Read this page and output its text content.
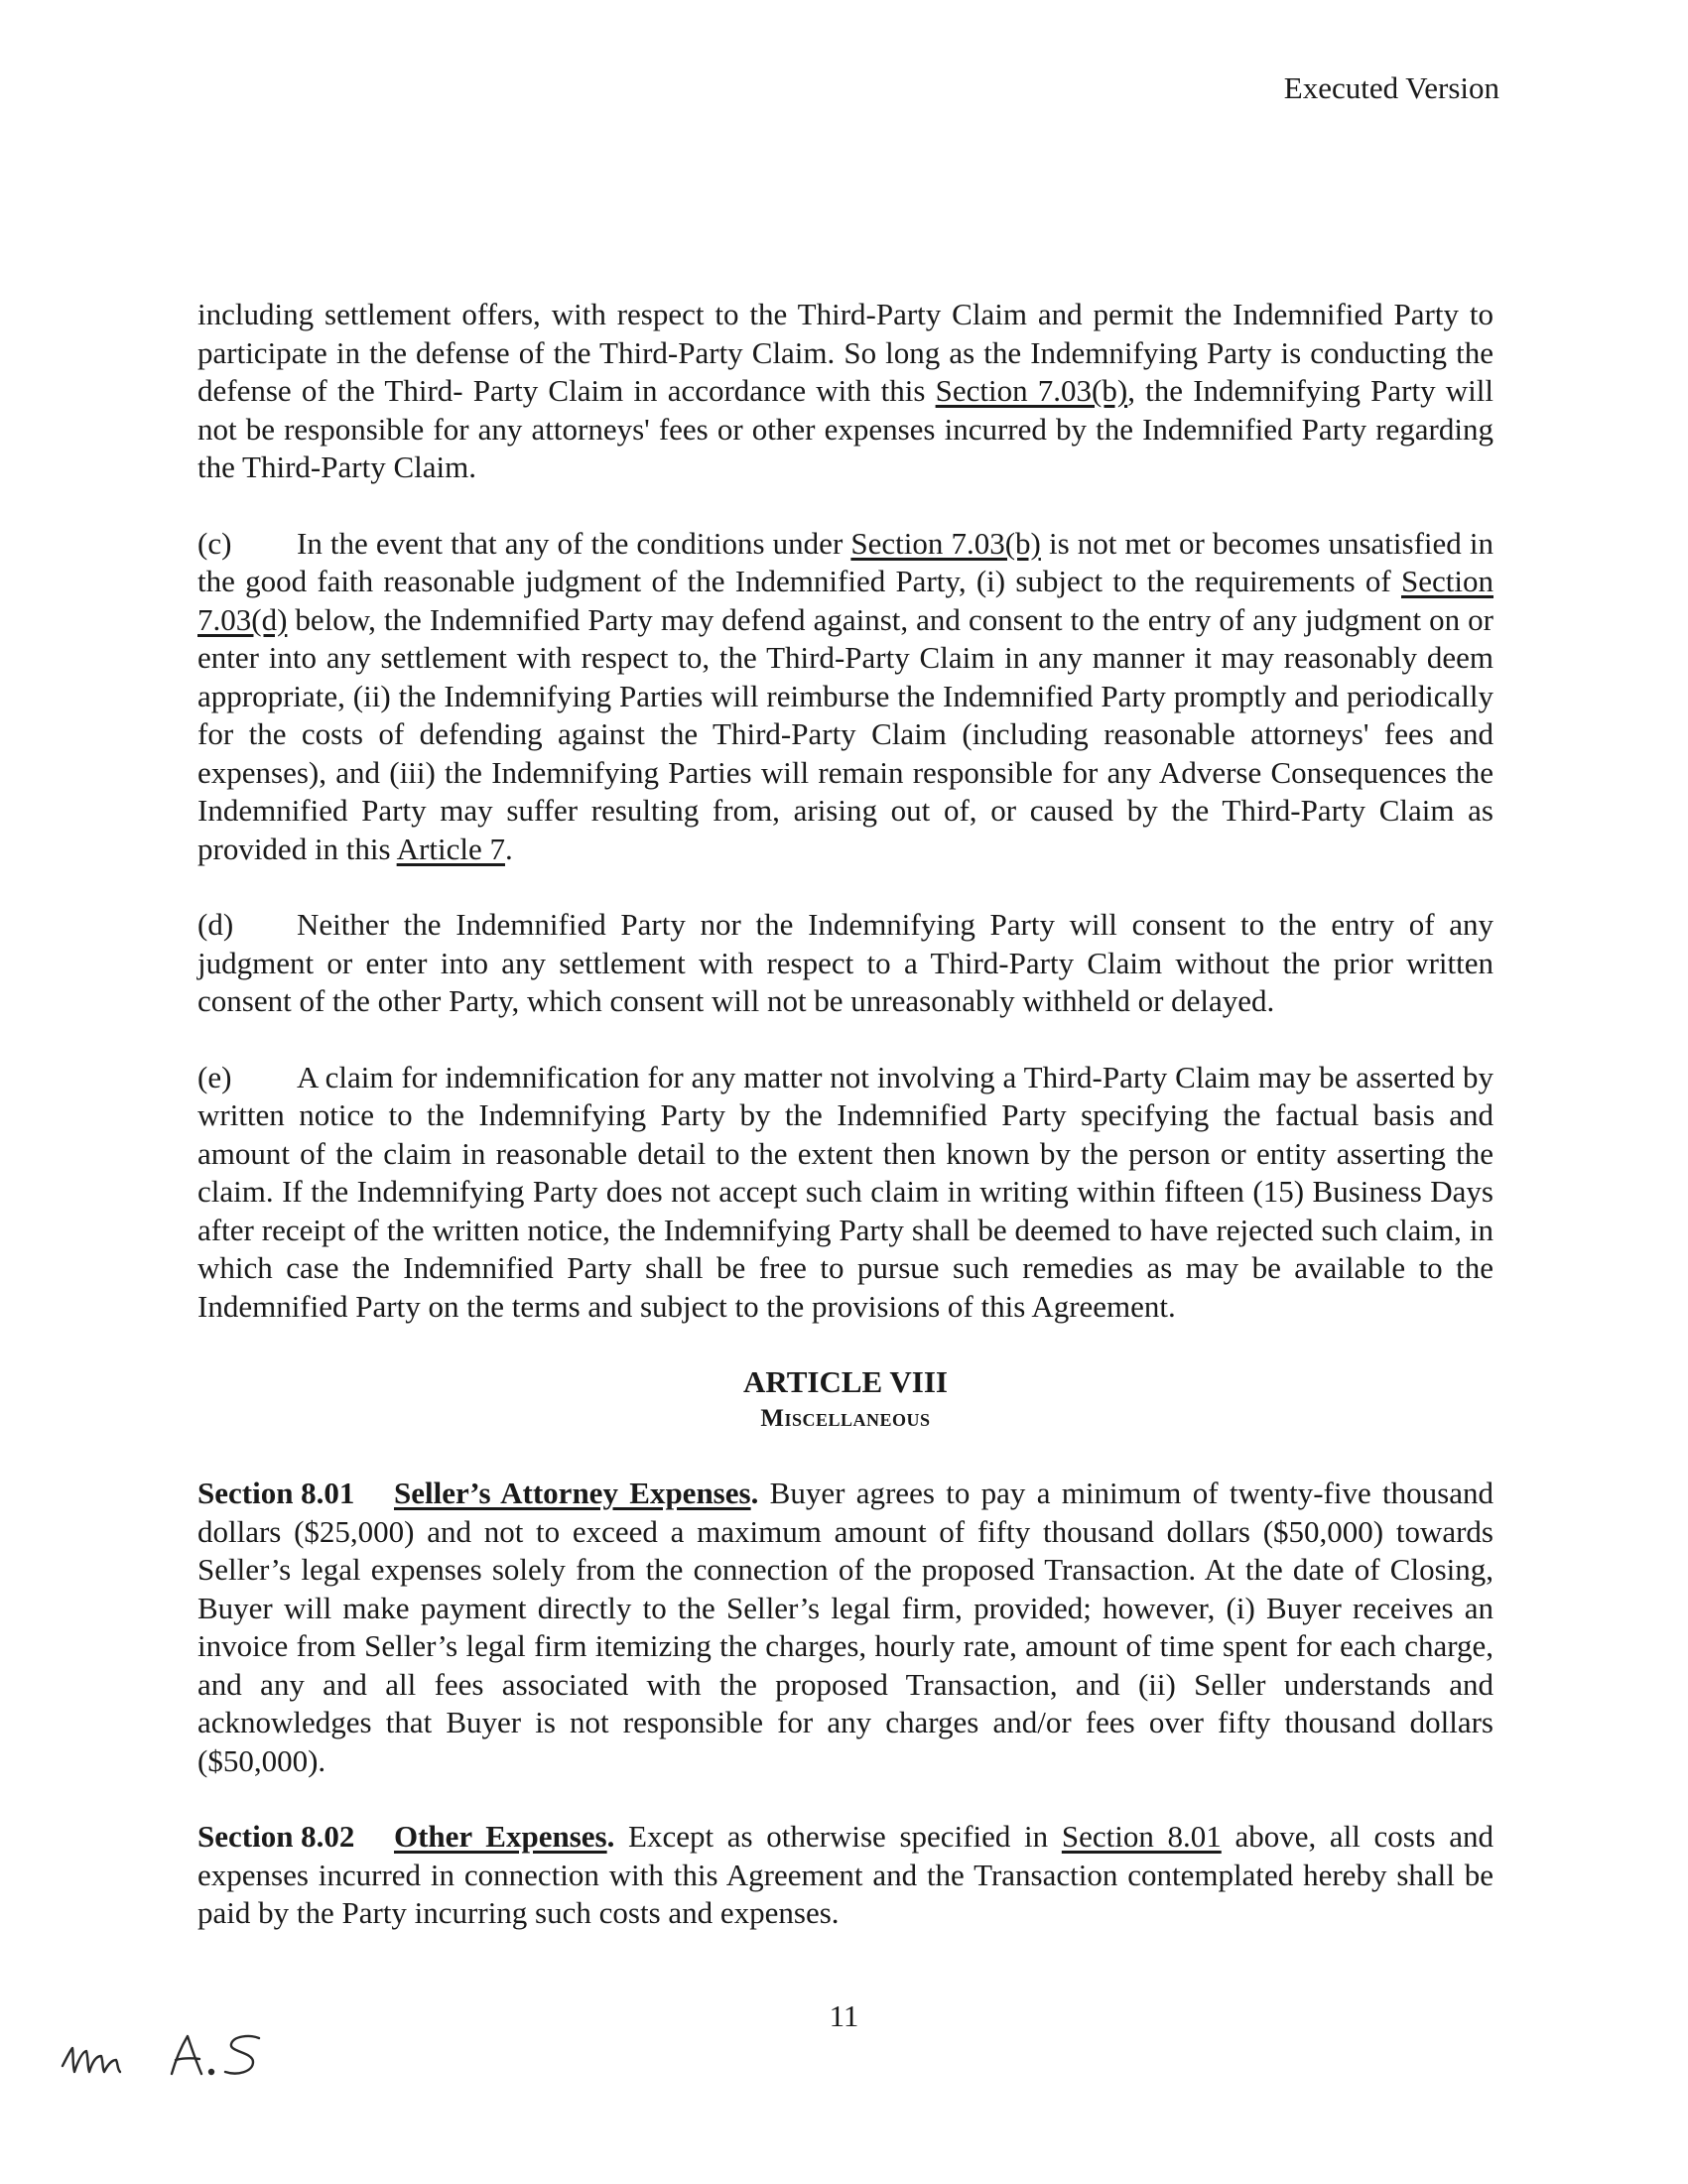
Executed Version

including settlement offers, with respect to the Third-Party Claim and permit the Indemnified Party to participate in the defense of the Third-Party Claim. So long as the Indemnifying Party is conducting the defense of the Third- Party Claim in accordance with this Section 7.03(b), the Indemnifying Party will not be responsible for any attorneys' fees or other expenses incurred by the Indemnified Party regarding the Third-Party Claim.

(c) In the event that any of the conditions under Section 7.03(b) is not met or becomes unsatisfied in the good faith reasonable judgment of the Indemnified Party, (i) subject to the requirements of Section 7.03(d) below, the Indemnified Party may defend against, and consent to the entry of any judgment on or enter into any settlement with respect to, the Third-Party Claim in any manner it may reasonably deem appropriate, (ii) the Indemnifying Parties will reimburse the Indemnified Party promptly and periodically for the costs of defending against the Third-Party Claim (including reasonable attorneys' fees and expenses), and (iii) the Indemnifying Parties will remain responsible for any Adverse Consequences the Indemnified Party may suffer resulting from, arising out of, or caused by the Third-Party Claim as provided in this Article 7.

(d) Neither the Indemnified Party nor the Indemnifying Party will consent to the entry of any judgment or enter into any settlement with respect to a Third-Party Claim without the prior written consent of the other Party, which consent will not be unreasonably withheld or delayed.

(e) A claim for indemnification for any matter not involving a Third-Party Claim may be asserted by written notice to the Indemnifying Party by the Indemnified Party specifying the factual basis and amount of the claim in reasonable detail to the extent then known by the person or entity asserting the claim. If the Indemnifying Party does not accept such claim in writing within fifteen (15) Business Days after receipt of the written notice, the Indemnifying Party shall be deemed to have rejected such claim, in which case the Indemnified Party shall be free to pursue such remedies as may be available to the Indemnified Party on the terms and subject to the provisions of this Agreement.

ARTICLE VIII

Miscellaneous

Section 8.01 Seller’s Attorney Expenses. Buyer agrees to pay a minimum of twenty-five thousand dollars ($25,000) and not to exceed a maximum amount of fifty thousand dollars ($50,000) towards Seller’s legal expenses solely from the connection of the proposed Transaction. At the date of Closing, Buyer will make payment directly to the Seller’s legal firm, provided; however, (i) Buyer receives an invoice from Seller’s legal firm itemizing the charges, hourly rate, amount of time spent for each charge, and any and all fees associated with the proposed Transaction, and (ii) Seller understands and acknowledges that Buyer is not responsible for any charges and/or fees over fifty thousand dollars ($50,000).

Section 8.02 Other Expenses. Except as otherwise specified in Section 8.01 above, all costs and expenses incurred in connection with this Agreement and the Transaction contemplated hereby shall be paid by the Party incurring such costs and expenses.

11
